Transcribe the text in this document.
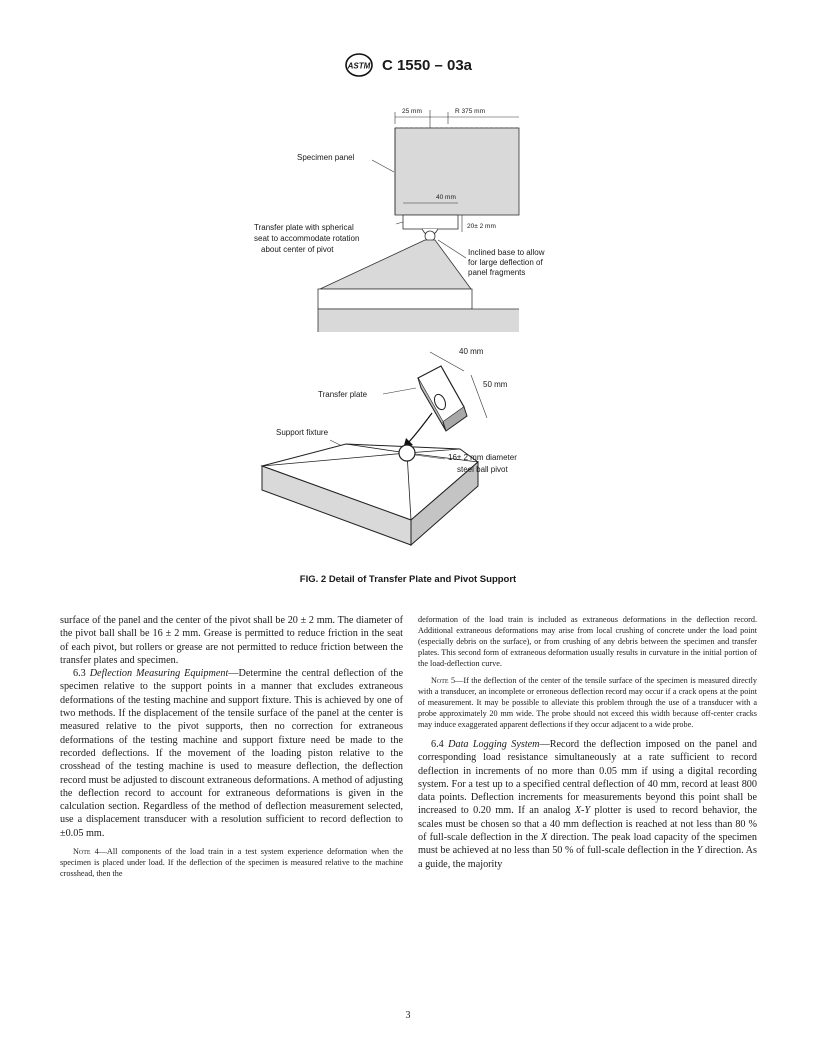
ASTM C 1550 – 03a
25 mm	R 375 mm
Specimen panel
40 mm
20± 2 mm
Transfer plate with spherical
seat to accommodate rotation
about center of pivot	Inclined base to allow
for large deflection of
panel fragments
40 mm
50 mm
Transfer plate
Support fixture
16± 2 mm diameter
steel ball pivot
FIG. 2 Detail of Transfer Plate and Pivot Support

surface of the panel and the center of the pivot shall be 20 ± 2 mm. The diameter of the pivot ball shall be 16 ± 2 mm. Grease is permitted to reduce friction in the seat of each pivot, but rollers or grease are not permitted to reduce friction between the transfer plates and specimen.

6.3 Deflection Measuring Equipment—Determine the central deflection of the specimen relative to the support points in a manner that excludes extraneous deformations of the testing machine and support fixture. This is achieved by one of two methods. If the displacement of the tensile surface of the panel at the center is measured relative to the pivot supports, then no correction for extraneous deformations of the testing machine and support fixture need be made to the recorded deflections. If the movement of the loading piston relative to the crosshead of the testing machine is used to measure deflection, the deflection record must be adjusted to discount extraneous deformations. A method of adjusting the deflection record to account for extraneous deformations is given in the calculation section. Regardless of the method of deflection measurement selected, use a displacement transducer with a resolution sufficient to record deflection to ±0.05 mm.

Note 4—All components of the load train in a test system experience deformation when the specimen is placed under load. If the deflection of the specimen is measured relative to the machine crosshead, then the

deformation of the load train is included as extraneous deformations in the deflection record. Additional extraneous deformations may arise from local crushing of concrete under the load point (especially debris on the surface), or from crushing of any debris between the specimen and transfer plates. This second form of extraneous deformation usually results in curvature in the initial portion of the load-deflection curve.

Note 5—If the deflection of the center of the tensile surface of the specimen is measured directly with a transducer, an incomplete or erroneous deflection record may occur if a crack opens at the point of measurement. It may be possible to alleviate this problem through the use of a transducer with a probe approximately 20 mm wide. The probe should not exceed this width because off-center cracks may induce exaggerated apparent deflections if they occur adjacent to a wide probe.

6.4 Data Logging System—Record the deflection imposed on the panel and corresponding load resistance simultaneously at a rate sufficient to record deflection in increments of no more than 0.05 mm if using a digital recording system. For a test up to a specified central deflection of 40 mm, record at least 800 data points. Deflection increments for measurements beyond this point shall be increased to 0.20 mm. If an analog X-Y plotter is used to record behavior, the scales must be chosen so that a 40 mm deflection is reached at not less than 80 % of full-scale deflection in the X direction. The peak load capacity of the specimen must be achieved at no less than 50 % of full-scale deflection in the Y direction. As a guide, the majority

3
